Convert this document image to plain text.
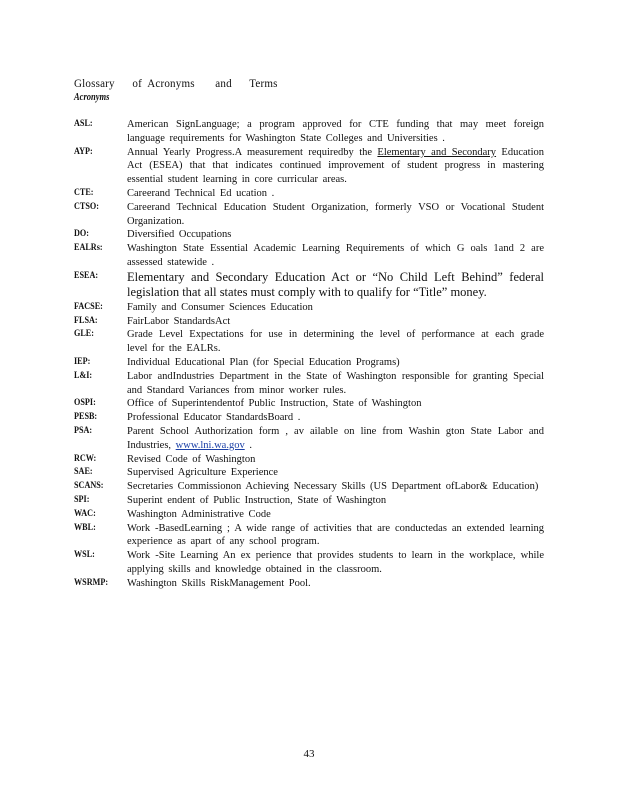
Glossary      of  Acronyms       and      Terms
Acronyms
ASL:	American SignLanguage; a program approved for CTE funding that may meet foreign language requirements for Washington State Colleges and Universities .
AYP:	Annual Yearly Progress.A measurement requiredby the Elementary and Secondary Education Act (ESEA) that that indicates continued improvement of student progress in mastering essential student learning in core curricular areas.
CTE:	Careerand Technical Ed ucation .
CTSO:	Careerand Technical Education Student Organization, formerly VSO or Vocational Student Organization.
DO:	Diversified Occupations
EALRs:	Washington State Essential Academic Learning Requirements of which G oals 1and 2 are assessed statewide .
ESEA:	Elementary and Secondary Education Act or “No Child Left Behind” federal legislation that all states must comply with to qualify for “Title” money.
FACSE:	Family and Consumer Sciences Education
FLSA:	FairLabor StandardsAct
GLE:	Grade Level Expectations for use in determining the level of performance at each grade level for the EALRs.
IEP:	Individual Educational Plan (for Special Education Programs)
L&I:	Labor andIndustries Department in the State of Washington responsible for granting Special and Standard Variances from minor worker rules.
OSPI:	Office of Superintendentof Public Instruction, State of Washington
PESB:	Professional Educator StandardsBoard .
PSA:	Parent School Authorization form , av ailable on line from Washin gton State Labor and Industries, www.lni.wa.gov .
RCW:	Revised Code of Washington
SAE:	Supervised Agriculture Experience
SCANS:	Secretaries Commissionon Achieving Necessary Skills (US Department ofLabor& Education)
SPI:	Superint endent of Public Instruction, State of Washington
WAC:	Washington Administrative Code
WBL:	Work -BasedLearning ; A wide range of activities that are conductedas an extended learning experience as apart of any school program.
WSL:	Work -Site Learning An ex perience that provides students to learn in the workplace, while applying skills and knowledge obtained in the classroom.
WSRMP:	Washington Skills RiskManagement Pool.
43
